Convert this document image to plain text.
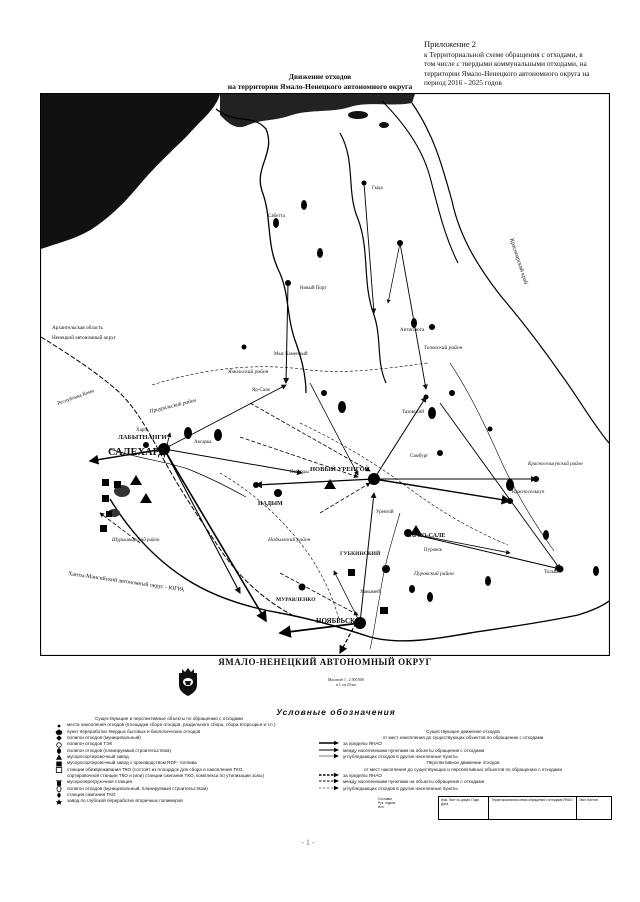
Приложение 2
к Территориальной схеме обращения с отходами, в
том числе с твердыми коммунальными отходами, на
территории Ямало-Ненецкого автономного округа на
период 2016 - 2025 годов
Движение отходов
на территории Ямало-Ненецкого автономного округа
ЛАБЫТНАНГИ
САЛЕХАРД
НАДЫМ
НОВЫЙ УРЕНГОЙ
НОЯБРЬСК
МУРАВЛЕНКО
ГУБКИНСКИЙ
ТАРКО-САЛЕ
Красноселькуп
Мыс Каменный
Яр-Сале
Сабетта
Тазовский
Харп
Аксарка
Уренгой
Пангоды
Ханымей
Пуровск
Толька
Самбург
Антипаюта
Гыда
Новый Порт
Ямальский район
Приуральский район
Тазовский район
Надымский район
Пуровский район
Шурышкарский район
Красноселькупский район
Архангельская область
Ненецкий автономный округ
Республика Коми
Ханты-Мансийский автономный округ - ЮГРА
Красноярский край
ЯМАЛО-НЕНЕЦКИЙ АВТОНОМНЫЙ ОКРУГ
Масштаб 1 : 2 500 000
в 1 см 25 км
Условные обозначения
Существующие и перспективные объекты по обращению с отходами
места накопления отходов (площадки сбора отходов, раздельного сбора, сбора вторсырья и т.п.)
пункт переработки твердых бытовых и биологических отходов
полигон отходов (муниципальный)
полигон отходов ТЭК
полигон отходов (планируемый строительством)
мусоросортировочный завод
мусоросортировочный завод с производством RDF- топлива
станции обезвреживания ТКО (состоят из площадок для сбора и накопления ТКО,
сортировочной станции ТКО и (или) станции сжигания ТКО, комплекса по утилизации золы)
мусороперегрузочная станция
полигон отходов (муниципальный, планируемый строительством)
станция сжигания ТКО
завод по глубокой переработке вторичных полимеров
Существующее движение отходов
от мест накопления до существующих объектов по обращению с отходами
за пределы ЯНАО
между населенными пунктами на объекты обращения с отходами
углубледающих отходов в другие населенные пункты
Перспективное движение отходов
от мест накопления до существующих и перспективных объектов по обращению с отходами
за пределы ЯНАО
между населенными пунктами на объекты обращения с отходами
углубледающих отходов в другие населенные пункты
Составил
Рук. отдела
Исп.
Изм. Лист № докум. Подп. Дата
Территориальная схема обращения с отходами ЯНАО	Лист Листов
- 1 -
